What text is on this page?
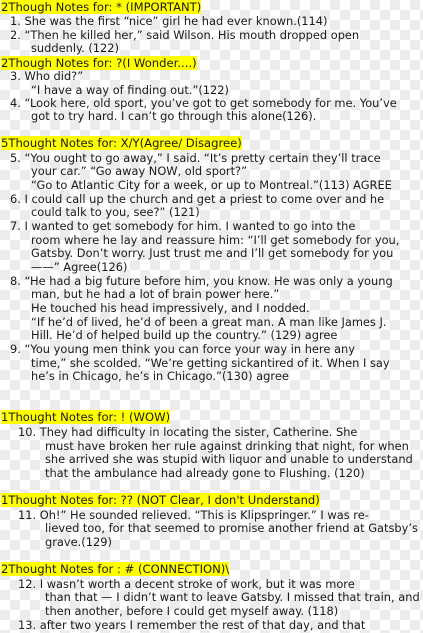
2Though Notes for: * (IMPORTANT)
1. She was the first “nice” girl he had ever known.(114)
2. “Then he killed her,” said Wilson. His mouth dropped open
suddenly. (122)
2Though Notes for: ?(I Wonder....)
3. Who did?”
“I have a way of finding out.”(122)
4. “Look here, old sport, you’ve got to get somebody for me. You’ve
got to try hard. I can’t go through this alone(126).
5Thought Notes for: X/Y(Agree/ Disagree)
5. “You ought to go away,” I said. “It’s pretty certain they’ll trace
your car.” “Go away NOW, old sport?”
“Go to Atlantic City for a week, or up to Montreal.”(113) AGREE
6. I could call up the church and get a priest to come over and he
could talk to you, see?” (121)
7. I wanted to get somebody for him. I wanted to go into the
room where he lay and reassure him: “I’ll get somebody for you,
Gatsby. Don’t worry. Just trust me and I’ll get somebody for you
——” Agree(126)
8. “He had a big future before him, you know. He was only a young
man, but he had a lot of brain power here.”
He touched his head impressively, and I nodded.
“If he’d of lived, he’d of been a great man. A man like James J.
Hill. He’d of helped build up the country.” (129) agree
9. “You young men think you can force your way in here any
time,” she scolded. “We’re getting sickantired of it. When I say
he’s in Chicago, he’s in Chicago.”(130) agree
1Thought Notes for: ! (WOW)
10. They had difficulty in locating the sister, Catherine. She
must have broken her rule against drinking that night, for when
she arrived she was stupid with liquor and unable to understand
that the ambulance had already gone to Flushing. (120)
1Thought Notes for: ?? (NOT Clear, I don't Understand)
11. Oh!” He sounded relieved. “This is Klipspringer.” I was re-
lieved too, for that seemed to promise another friend at Gatsby’s
grave.(129)
2Thought Notes for : # (CONNECTION)\
12. I wasn’t worth a decent stroke of work, but it was more
than that — I didn’t want to leave Gatsby. I missed that train, and
then another, before I could get myself away. (118)
13. after two years I remember the rest of that day, and that
